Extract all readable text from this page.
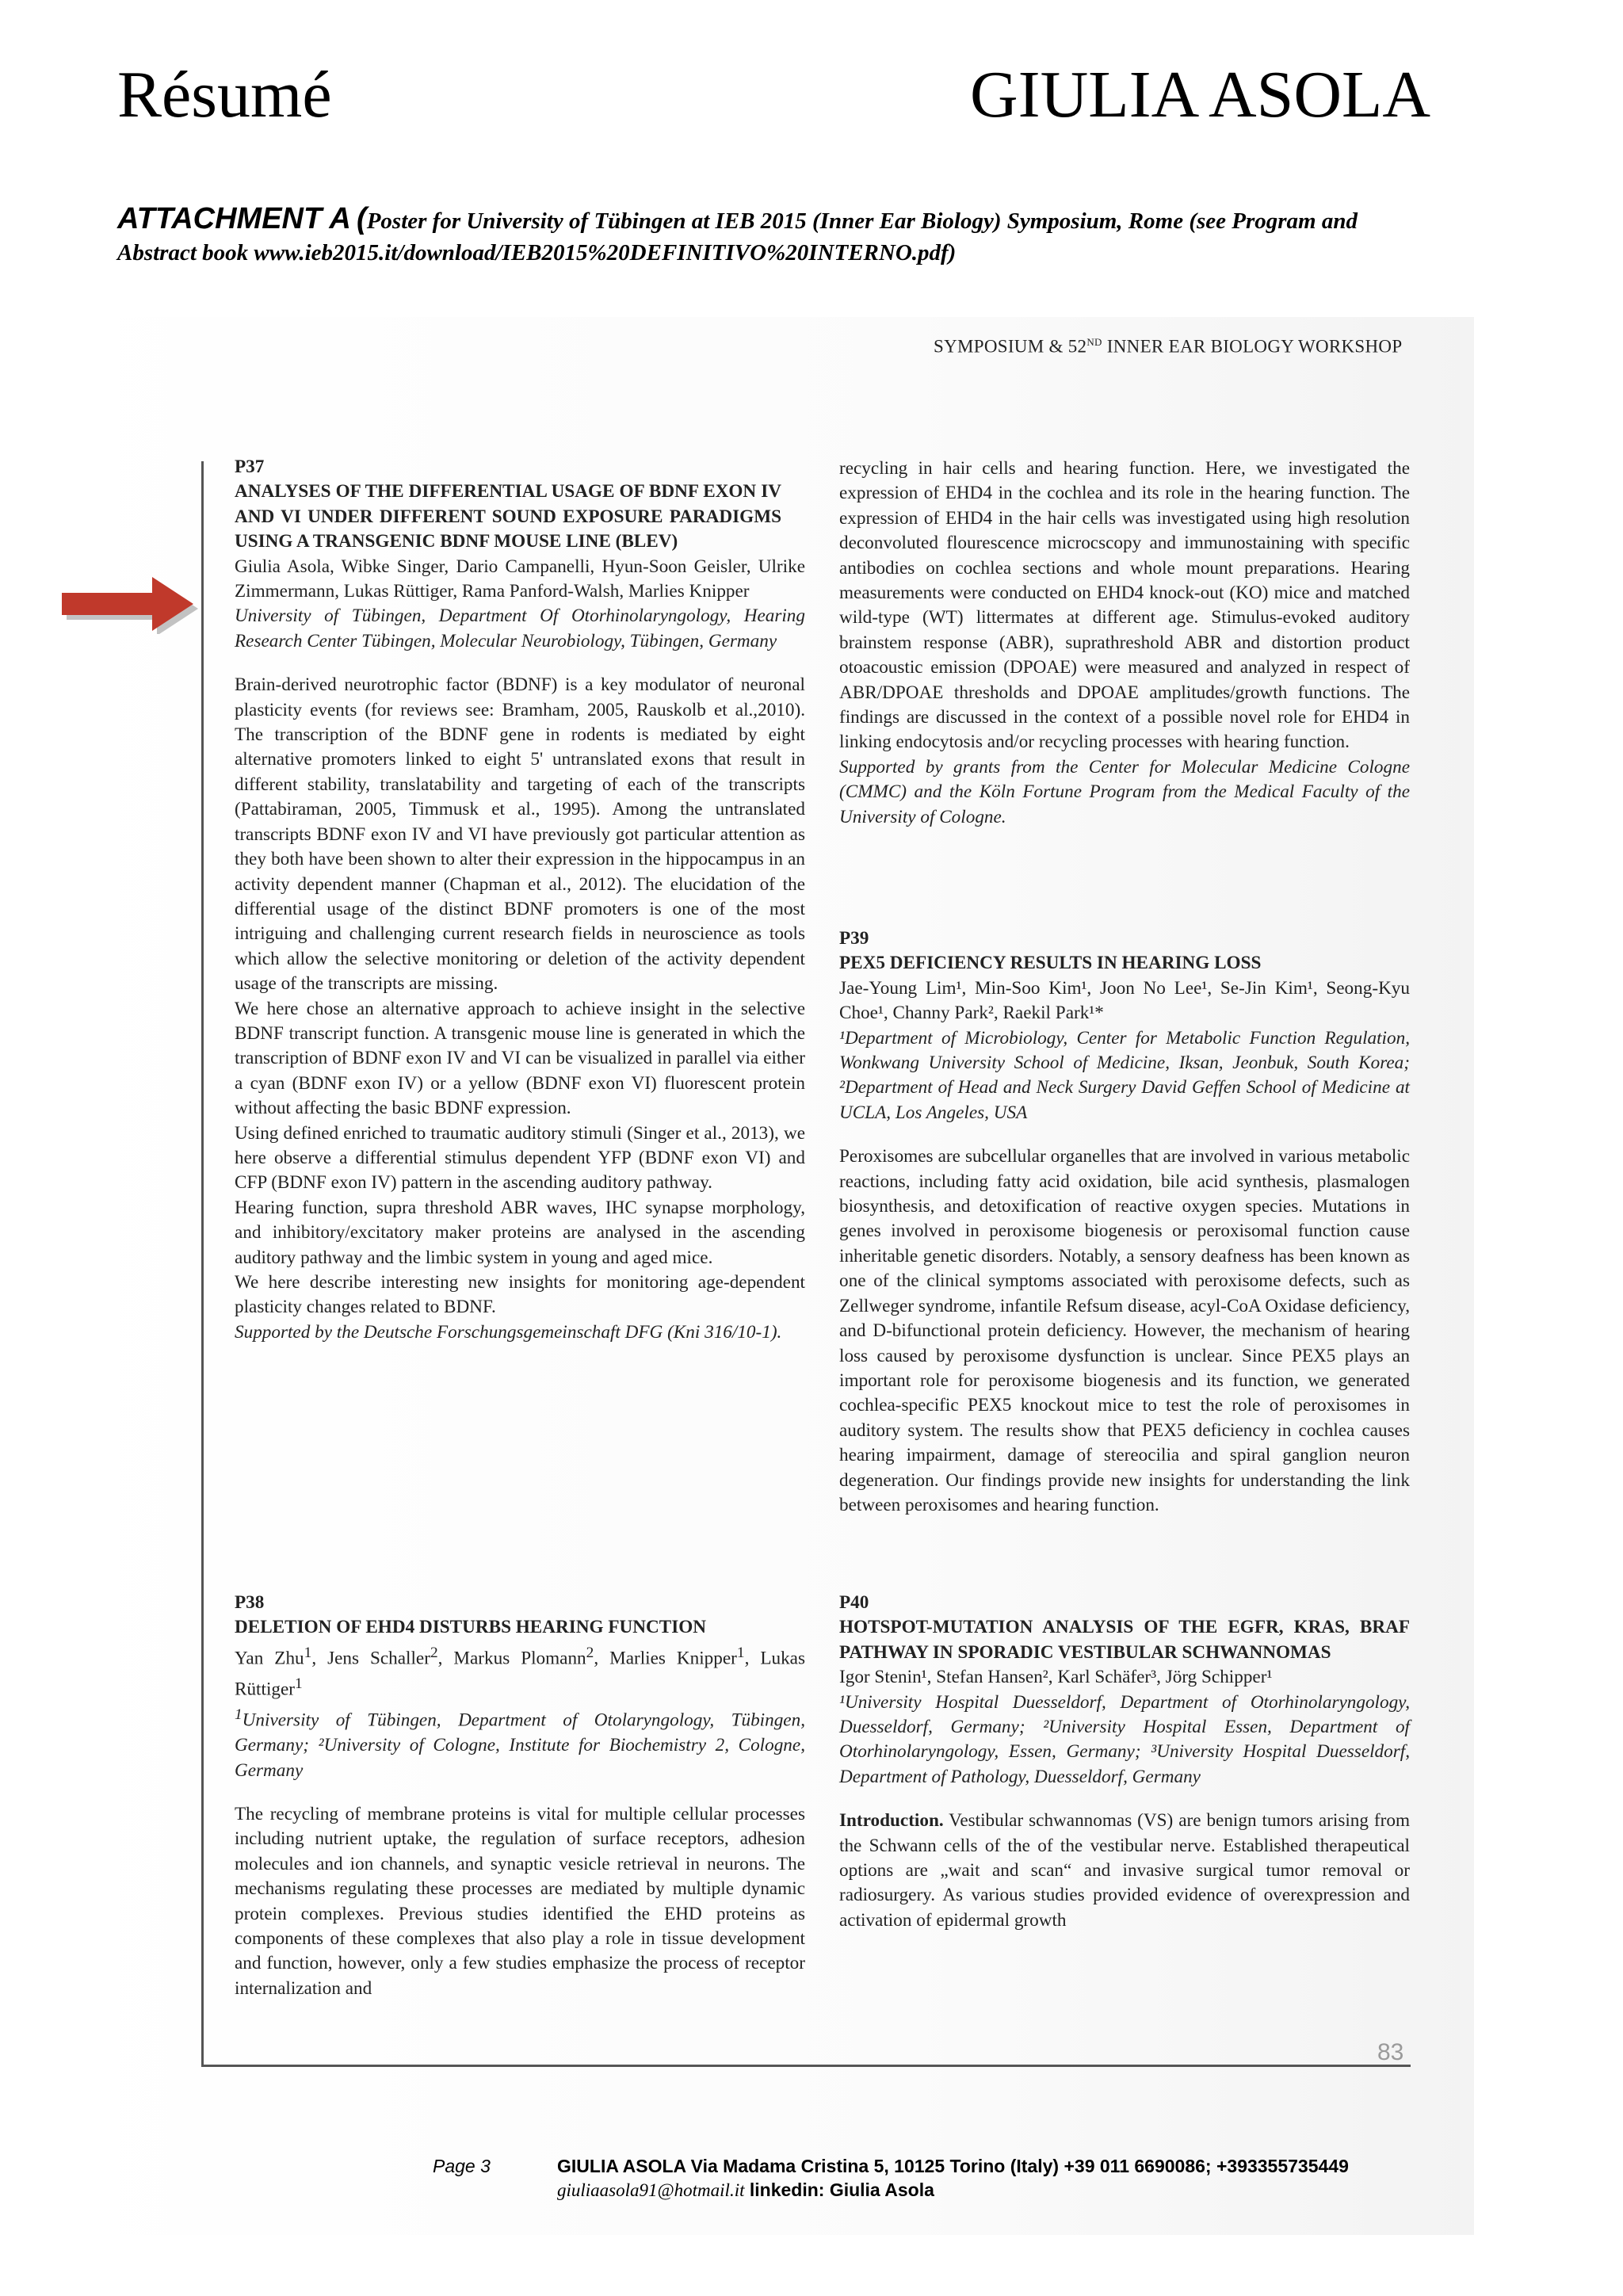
Résumé	GIULIA ASOLA
ATTACHMENT A (Poster for University of Tübingen at IEB 2015 (Inner Ear Biology) Symposium, Rome (see Program and Abstract book www.ieb2015.it/download/IEB2015%20DEFINITIVO%20INTERNO.pdf)
SYMPOSIUM & 52ND INNER EAR BIOLOGY WORKSHOP
83

P37

ANALYSES OF THE DIFFERENTIAL USAGE OF BDNF EXON IV AND VI UNDER DIFFERENT SOUND EXPOSURE PARADIGMS USING A TRANSGENIC BDNF MOUSE LINE (BLEV)

Giulia Asola, Wibke Singer, Dario Campanelli, Hyun-Soon Geisler, Ulrike Zimmermann, Lukas Rüttiger, Rama Panford-Walsh, Marlies Knipper

University of Tübingen, Department Of Otorhinolaryngology, Hearing Research Center Tübingen, Molecular Neurobiology, Tübingen, Germany

Brain-derived neurotrophic factor (BDNF) is a key modulator of neuronal plasticity events (for reviews see: Bramham, 2005, Rauskolb et al.,2010). The transcription of the BDNF gene in rodents is mediated by eight alternative promoters linked to eight 5' untranslated exons that result in different stability, translatability and targeting of each of the transcripts (Pattabiraman, 2005, Timmusk et al., 1995). Among the untranslated transcripts BDNF exon IV and VI have previously got particular attention as they both have been shown to alter their expression in the hippocampus in an activity dependent manner (Chapman et al., 2012). The elucidation of the differential usage of the distinct BDNF promoters is one of the most intriguing and challenging current research fields in neuroscience as tools which allow the selective monitoring or deletion of the activity dependent usage of the transcripts are missing.

We here chose an alternative approach to achieve insight in the selective BDNF transcript function. A transgenic mouse line is generated in which the transcription of BDNF exon IV and VI can be visualized in parallel via either a cyan (BDNF exon IV) or a yellow (BDNF exon VI) fluorescent protein without affecting the basic BDNF expression.

Using defined enriched to traumatic auditory stimuli (Singer et al., 2013), we here observe a differential stimulus dependent YFP (BDNF exon VI) and CFP (BDNF exon IV) pattern in the ascending auditory pathway.

Hearing function, supra threshold ABR waves, IHC synapse morphology, and inhibitory/excitatory maker proteins are analysed in the ascending auditory pathway and the limbic system in young and aged mice.

We here describe interesting new insights for monitoring age-dependent plasticity changes related to BDNF.

Supported by the Deutsche Forschungsgemeinschaft DFG (Kni 316/10-1).

P38

DELETION OF EHD4 DISTURBS HEARING FUNCTION

Yan Zhu$^1$, Jens Schaller$^2$, Markus Plomann$^2$, Marlies Knipper$^1$, Lukas Rüttiger$^1$

$^1$University of Tübingen, Department of Otolaryngology, Tübingen, Germany; ²University of Cologne, Institute for Biochemistry 2, Cologne, Germany

The recycling of membrane proteins is vital for multiple cellular processes including nutrient uptake, the regulation of surface receptors, adhesion molecules and ion channels, and synaptic vesicle retrieval in neurons. The mechanisms regulating these processes are mediated by multiple dynamic protein complexes. Previous studies identified the EHD proteins as components of these complexes that also play a role in tissue development and function, however, only a few studies emphasize the process of receptor internalization and

recycling in hair cells and hearing function. Here, we investigated the expression of EHD4 in the cochlea and its role in the hearing function. The expression of EHD4 in the hair cells was investigated using high resolution deconvoluted flourescence microcscopy and immunostaining with specific antibodies on cochlea sections and whole mount preparations. Hearing measurements were conducted on EHD4 knock-out (KO) mice and matched wild-type (WT) littermates at different age. Stimulus-evoked auditory brainstem response (ABR), suprathreshold ABR and distortion product otoacoustic emission (DPOAE) were measured and analyzed in respect of ABR/DPOAE thresholds and DPOAE amplitudes/growth functions. The findings are discussed in the context of a possible novel role for EHD4 in linking endocytosis and/or recycling processes with hearing function.

Supported by grants from the Center for Molecular Medicine Cologne (CMMC) and the Köln Fortune Program from the Medical Faculty of the University of Cologne.

P39

PEX5 DEFICIENCY RESULTS IN HEARING LOSS

Jae-Young Lim¹, Min-Soo Kim¹, Joon No Lee¹, Se-Jin Kim¹, Seong-Kyu Choe¹, Channy Park², Raekil Park¹*

¹Department of Microbiology, Center for Metabolic Function Regulation, Wonkwang University School of Medicine, Iksan, Jeonbuk, South Korea; ²Department of Head and Neck Surgery David Geffen School of Medicine at UCLA, Los Angeles, USA

Peroxisomes are subcellular organelles that are involved in various metabolic reactions, including fatty acid oxidation, bile acid synthesis, plasmalogen biosynthesis, and detoxification of reactive oxygen species. Mutations in genes involved in peroxisome biogenesis or peroxisomal function cause inheritable genetic disorders. Notably, a sensory deafness has been known as one of the clinical symptoms associated with peroxisome defects, such as Zellweger syndrome, infantile Refsum disease, acyl-CoA Oxidase deficiency, and D-bifunctional protein deficiency. However, the mechanism of hearing loss caused by peroxisome dysfunction is unclear. Since PEX5 plays an important role for peroxisome biogenesis and its function, we generated cochlea-specific PEX5 knockout mice to test the role of peroxisomes in auditory system. The results show that PEX5 deficiency in cochlea causes hearing impairment, damage of stereocilia and spiral ganglion neuron degeneration. Our findings provide new insights for understanding the link between peroxisomes and hearing function.

P40

HOTSPOT-MUTATION ANALYSIS OF THE EGFR, KRAS, BRAF PATHWAY IN SPORADIC VESTIBULAR SCHWANNOMAS

Igor Stenin¹, Stefan Hansen², Karl Schäfer³, Jörg Schipper¹

¹University Hospital Duesseldorf, Department of Otorhinolaryngology, Duesseldorf, Germany; ²University Hospital Essen, Department of Otorhinolaryngology, Essen, Germany; ³University Hospital Duesseldorf, Department of Pathology, Duesseldorf, Germany

Introduction. Vestibular schwannomas (VS) are benign tumors arising from the Schwann cells of the of the vestibular nerve. Established therapeutical options are „wait and scan“ and invasive surgical tumor removal or radiosurgery. As various studies provided evidence of overexpression and activation of epidermal growth

Page 3	GIULIA ASOLA Via Madama Cristina 5, 10125 Torino (Italy) +39 011 6690086; +393355735449
giuliaasola91@hotmail.it linkedin: Giulia Asola
